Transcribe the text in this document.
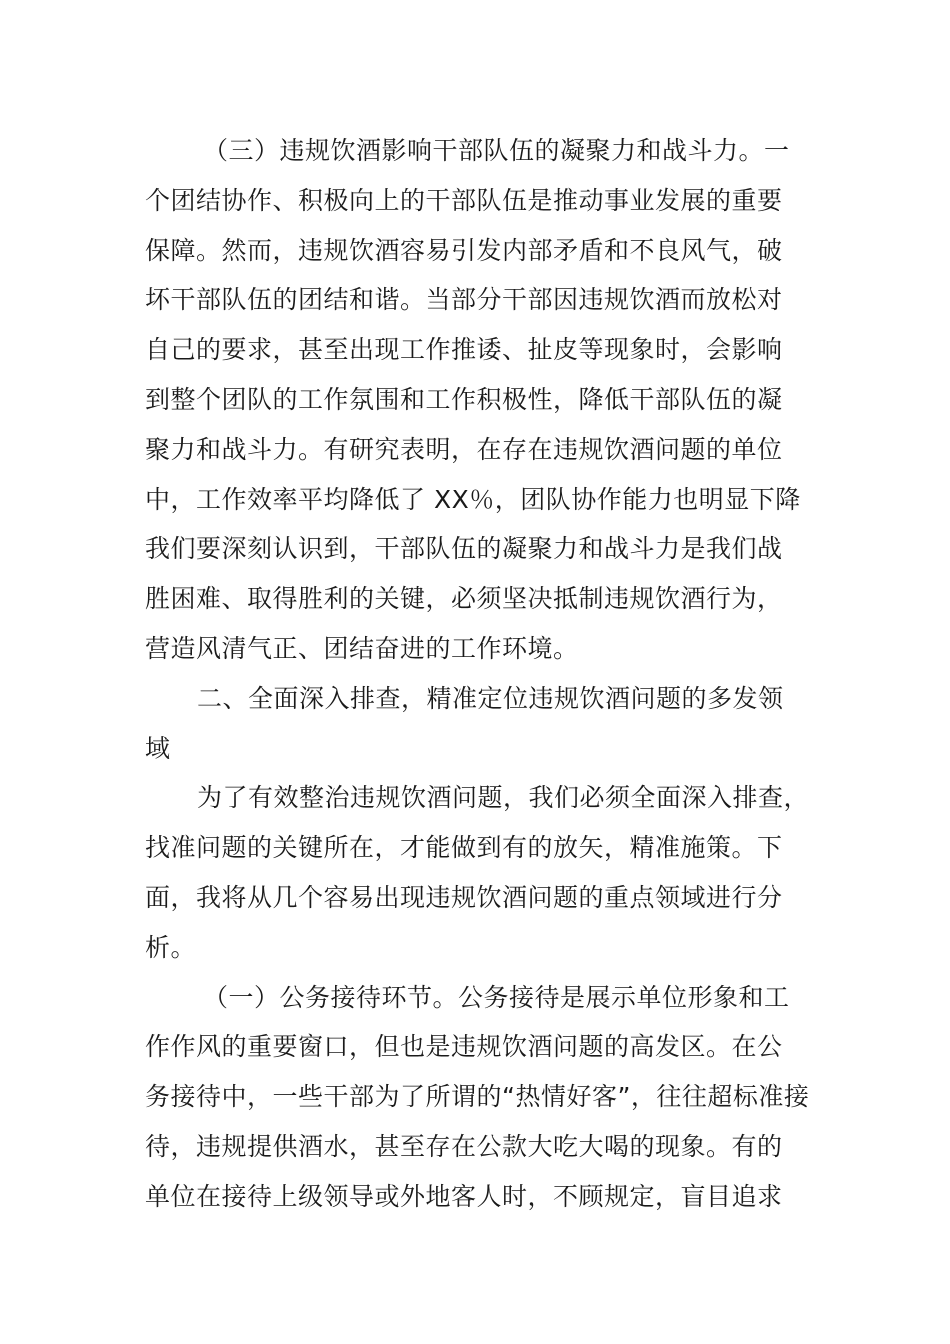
（三）违规饮酒影响干部队伍的凝聚力和战斗力。一
个团结协作、积极向上的干部队伍是推动事业发展的重要
保障。然而，违规饮酒容易引发内部矛盾和不良风气，破
坏干部队伍的团结和谐。当部分干部因违规饮酒而放松对
自己的要求，甚至出现工作推诿、扯皮等现象时，会影响
到整个团队的工作氛围和工作积极性，降低干部队伍的凝
聚力和战斗力。有研究表明，在存在违规饮酒问题的单位
中，工作效率平均降低了 XX％，团队协作能力也明显下降
我们要深刻认识到，干部队伍的凝聚力和战斗力是我们战
胜困难、取得胜利的关键，必须坚决抵制违规饮酒行为，
营造风清气正、团结奋进的工作环境。
二、全面深入排查，精准定位违规饮酒问题的多发领
域
为了有效整治违规饮酒问题，我们必须全面深入排查，
找准问题的关键所在，才能做到有的放矢，精准施策。下
面，我将从几个容易出现违规饮酒问题的重点领域进行分
析。
（一）公务接待环节。公务接待是展示单位形象和工
作作风的重要窗口，但也是违规饮酒问题的高发区。在公
务接待中，一些干部为了所谓的“热情好客”，往往超标准接
待，违规提供酒水，甚至存在公款大吃大喝的现象。有的
单位在接待上级领导或外地客人时，不顾规定，盲目追求
